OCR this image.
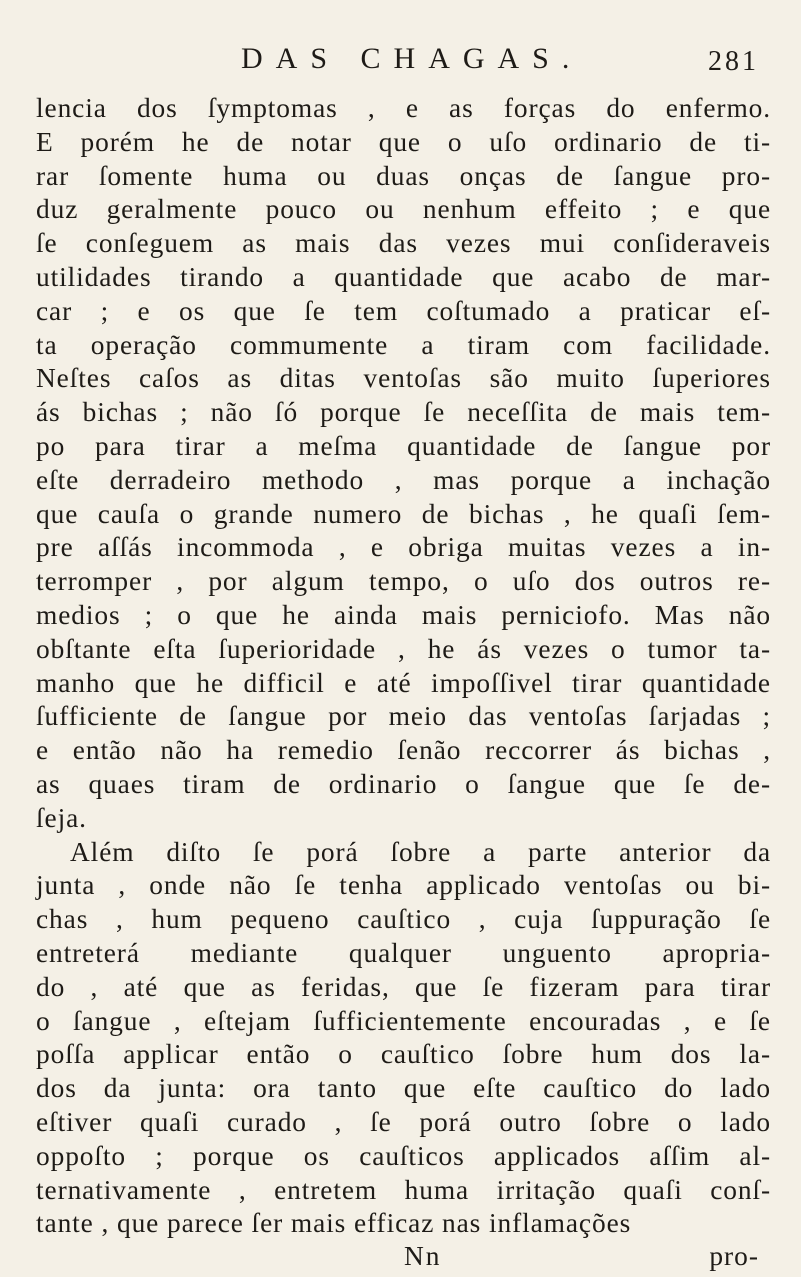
DAS CHAGAS.	281
lencia dos ſymptomas , e as forças do enfermo.
E porém he de notar que o uſo ordinario de ti-
rar ſomente huma ou duas onças de ſangue pro-
duz geralmente pouco ou nenhum effeito ; e que
ſe conſeguem as mais das vezes mui conſideraveis
utilidades tirando a quantidade que acabo de mar-
car ; e os que ſe tem coſtumado a praticar eſ-
ta operação commumente a tiram com facilidade.
Neſtes caſos as ditas ventoſas são muito ſuperiores
ás bichas ; não ſó porque ſe neceſſita de mais tem-
po para tirar a meſma quantidade de ſangue por
eſte derradeiro methodo , mas porque a inchação
que cauſa o grande numero de bichas , he quaſi ſem-
pre aſſás incommoda , e obriga muitas vezes a in-
terromper , por algum tempo, o uſo dos outros re-
medios ; o que he ainda mais perniciofo. Mas não
obſtante eſta ſuperioridade , he ás vezes o tumor ta-
manho que he difficil e até impoſſivel tirar quantidade
ſufficiente de ſangue por meio das ventoſas ſarjadas ;
e então não ha remedio ſenão reccorrer ás bichas ,
as quaes tiram de ordinario o ſangue que ſe de-
ſeja.
Além diſto ſe porá ſobre a parte anterior da
junta , onde não ſe tenha applicado ventoſas ou bi-
chas , hum pequeno cauſtico , cuja ſuppuração ſe
entreterá mediante qualquer unguento apropria-
do , até que as feridas, que ſe fizeram para tirar
o ſangue , eſtejam ſufficientemente encouradas , e ſe
poſſa applicar então o cauſtico ſobre hum dos la-
dos da junta: ora tanto que eſte cauſtico do lado
eſtiver quaſi curado , ſe porá outro ſobre o lado
oppoſto ; porque os cauſticos applicados aſſim al-
ternativamente , entretem huma irritação quaſi conſ-
tante , que parece ſer mais efficaz nas inflamações
Nn	pro-
